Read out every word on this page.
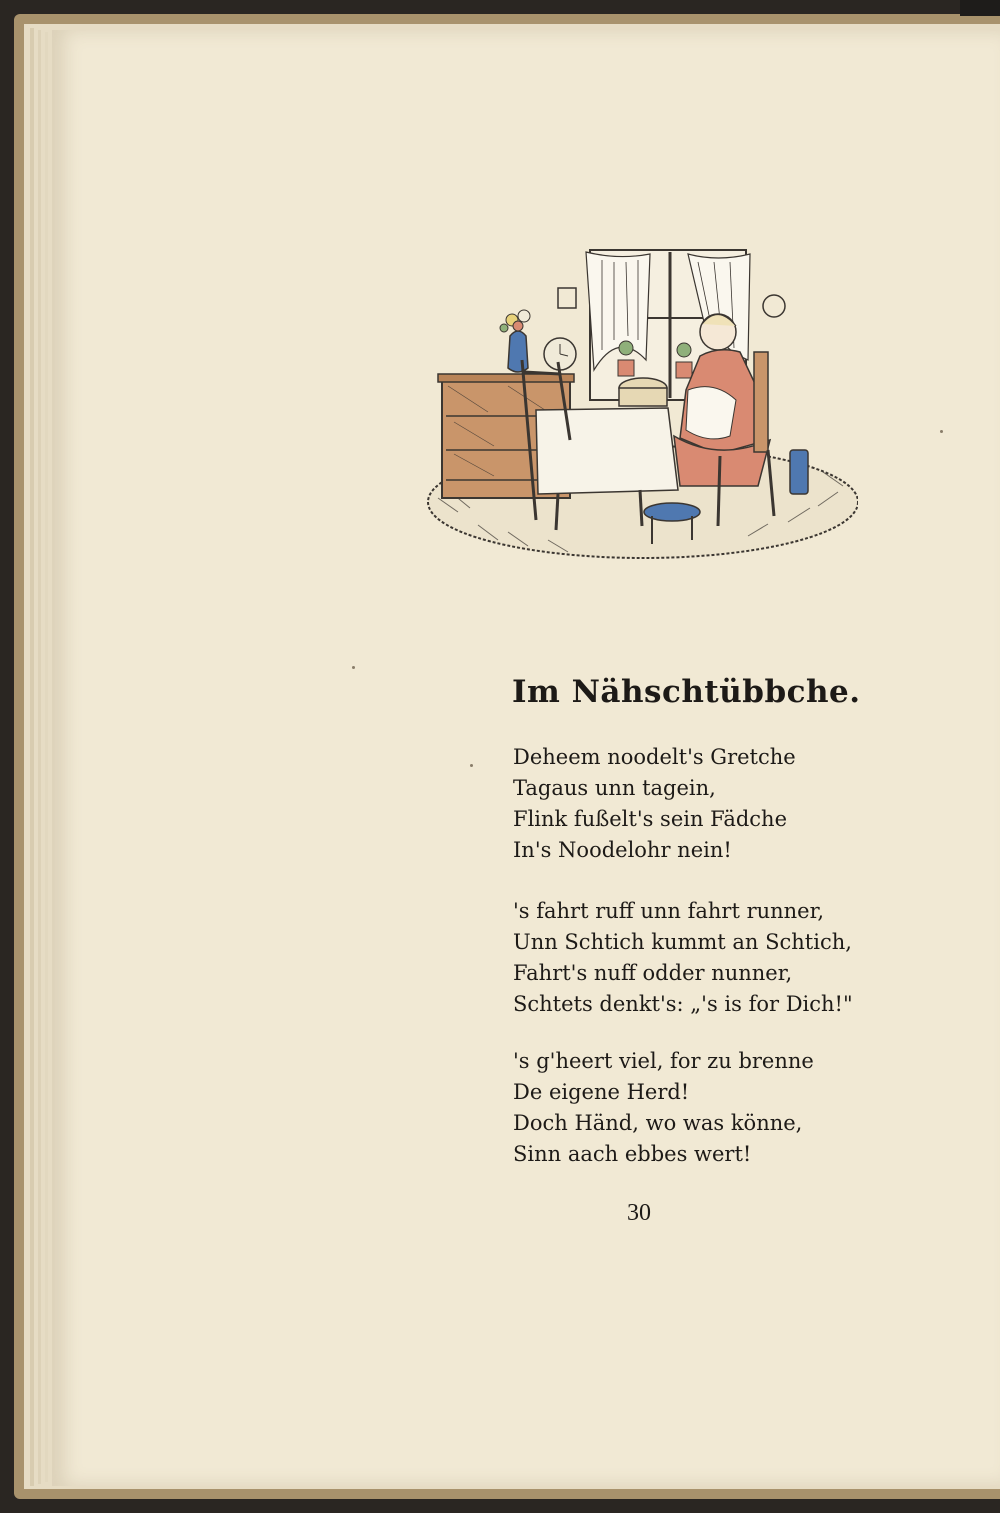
Im Nähschtübbche.
Deheem noodelt's Gretche
Tagaus unn tagein,
Flink fußelt's sein Fädche
In's Noodelohr nein!
's fahrt ruff unn fahrt runner,
Unn Schtich kummt an Schtich,
Fahrt's nuff odder nunner,
Schtets denkt's: „'s is for Dich!"
's g'heert viel, for zu brenne
De eigene Herd!
Doch Händ, wo was könne,
Sinn aach ebbes wert!
30
